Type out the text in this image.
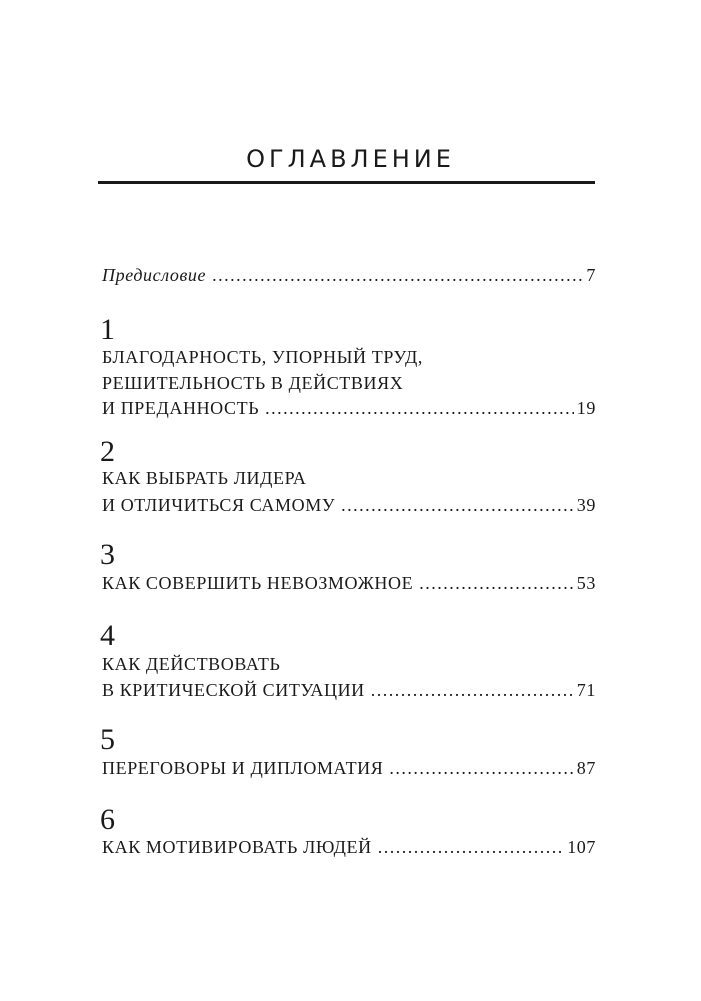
ОГЛАВЛЕНИЕ
Предисловие .....	7
1
БЛАГОДАРНОСТЬ, УПОРНЫЙ ТРУД,
РЕШИТЕЛЬНОСТЬ В ДЕЙСТВИЯХ
И ПРЕДАННОСТЬ .....	19
2
КАК ВЫБРАТЬ ЛИДЕРА
И ОТЛИЧИТЬСЯ САМОМУ .....	39
3
КАК СОВЕРШИТЬ НЕВОЗМОЖНОЕ .....	53
4
КАК ДЕЙСТВОВАТЬ
В КРИТИЧЕСКОЙ СИТУАЦИИ .....	71
5
ПЕРЕГОВОРЫ И ДИПЛОМАТИЯ .....	87
6
КАК МОТИВИРОВАТЬ ЛЮДЕЙ .....	107
